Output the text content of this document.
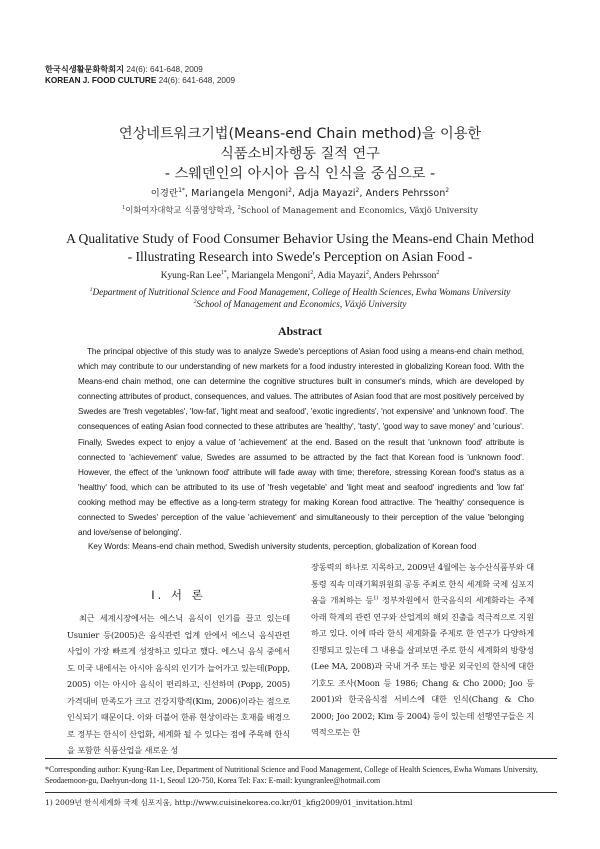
한국식생활문화학회지 24(6): 641-648, 2009
KOREAN J. FOOD CULTURE 24(6): 641-648, 2009
연상네트워크기법(Means-end Chain method)을 이용한
식품소비자행동 질적 연구
- 스웨덴인의 아시아 음식 인식을 중심으로 -
이경란$^{1*}$, Mariangela Mengoni$^2$, Adja Mayazi$^2$, Anders Pehrsson$^2$
$^1$이화여자대학교 식품영양학과, $^2$School of Management and Economics, Växjö University
A Qualitative Study of Food Consumer Behavior Using the Means-end Chain Method
- Illustrating Research into Swede's Perception on Asian Food -
Kyung-Ran Lee$^{1*}$, Mariangela Mengoni$^2$, Adia Mayazi$^2$, Anders Pehrsson$^2$
$^1$Department of Nutritional Science and Food Management, College of Health Sciences, Ewha Womans University
$^2$School of Management and Economics, Växjö University
Abstract
The principal objective of this study was to analyze Swede's perceptions of Asian food using a means-end chain method, which may contribute to our understanding of new markets for a food industry interested in globalizing Korean food. With the Means-end chain method, one can determine the cognitive structures built in consumer's minds, which are developed by connecting attributes of product, consequences, and values. The attributes of Asian food that are most positively perceived by Swedes are 'fresh vegetables', 'low-fat', 'light meat and seafood', 'exotic ingredients', 'not expensive' and 'unknown food'. The consequences of eating Asian food connected to these attributes are 'healthy', 'tasty', 'good way to save money' and 'curious'. Finally, Swedes expect to enjoy a value of 'achievement' at the end. Based on the result that 'unknown food' attribute is connected to 'achievement' value, Swedes are assumed to be attracted by the fact that Korean food is 'unknown food'. However, the effect of the 'unknown food' attribute will fade away with time; therefore, stressing Korean food's status as a 'healthy' food, which can be attributed to its use of 'fresh vegetable' and 'light meat and seafood' ingredients and 'low fat' cooking method may be effective as a long-term strategy for making Korean food attractive. The 'healthy' consequence is connected to Swedes' perception of the value 'achievement' and simultaneously to their perception of the value 'belonging and love/sense of belonging'.
Key Words: Means-end chain method, Swedish university students, perception, globalization of Korean food
I. 서 론

최근 세계시장에서는 에스닉 음식이 인기를 끌고 있는데 Usunier 등(2005)은 음식관련 업계 안에서 에스닉 음식관련 사업이 가장 빠르게 성장하고 있다고 했다. 에스닉 음식 중에서도 미국 내에서는 아시아 음식의 인기가 늘어가고 있는데(Popp, 2005) 이는 아시아 음식이 편리하고, 신선하며 (Popp, 2005) 가격대비 만족도가 크고 건강지향적(Kim, 2006)이라는 점으로 인식되기 때문이다. 이와 더불어 한류 현상이라는 호재를 배경으로 정부는 한식이 산업화, 세계화 될 수 있다는 점에 주목해 한식을 포함한 식품산업을 새로운 성

장동력의 하나로 지목하고, 2009년 4월에는 농수산식품부와 대통령 직속 미래기획위원회 공동 주최로 한식 세계화 국제 심포지움을 개최하는 등$^{1)}$ 정부차원에서 한국음식의 세계화라는 주제 아래 학계의 관련 연구와 산업계의 해외 진출을 적극적으로 지원하고 있다. 이에 따라 한식 세계화를 주제로 한 연구가 다양하게 진행되고 있는데 그 내용을 살펴보면 주로 한식 세계화의 방향성(Lee MA, 2008)과 국내 거주 또는 방문 외국인의 한식에 대한 기호도 조사(Moon 등 1986; Chang & Cho 2000; Joo 등 2001)와 한국음식점 서비스에 대한 인식(Chang & Cho 2000; Joo 2002; Kim 등 2004) 등이 있는데 선행연구들은 지역적으로는 한

*Corresponding author: Kyung-Ran Lee, Department of Nutritional Science and Food Management, College of Health Sciences, Ewha Womans University, Seodaemoon-gu, Daehyun-dong 11-1, Seoul 120-750, Korea Tel: Fax: E-mail: kyungranlee@hotmail.com
1) 2009년 한식세계화 국제 심포지움, http://www.cuisinekorea.co.kr/01_kfig2009/01_invitation.html
